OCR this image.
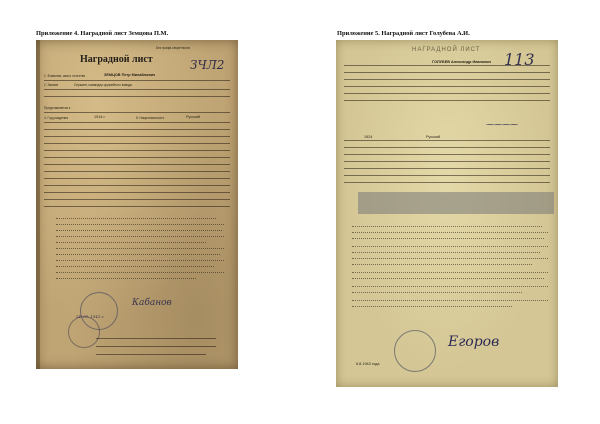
Приложение 4. Наградной лист Земцова П.М.	Приложение 5. Наградной лист Голубева А.И.
Без грифа секретности
Наградной лист	ЗЧЛ2
1. Фамилия, имя и отчество	ЗЕМЦОВ Петр Михайлович
2. Звание	Сержант, командир оружейного взвода
Представляется к
4. Год рождения	1914 г.	5. Национальность	Русский
Кабанов
24 .03. 1943 г.
НАГРАДНОЙ ЛИСТ 113
ГОЛУБЕВ Александр Иванович
⁓⁓⁓⁓
1924	Русский
Егоров
6.8.1943 года
